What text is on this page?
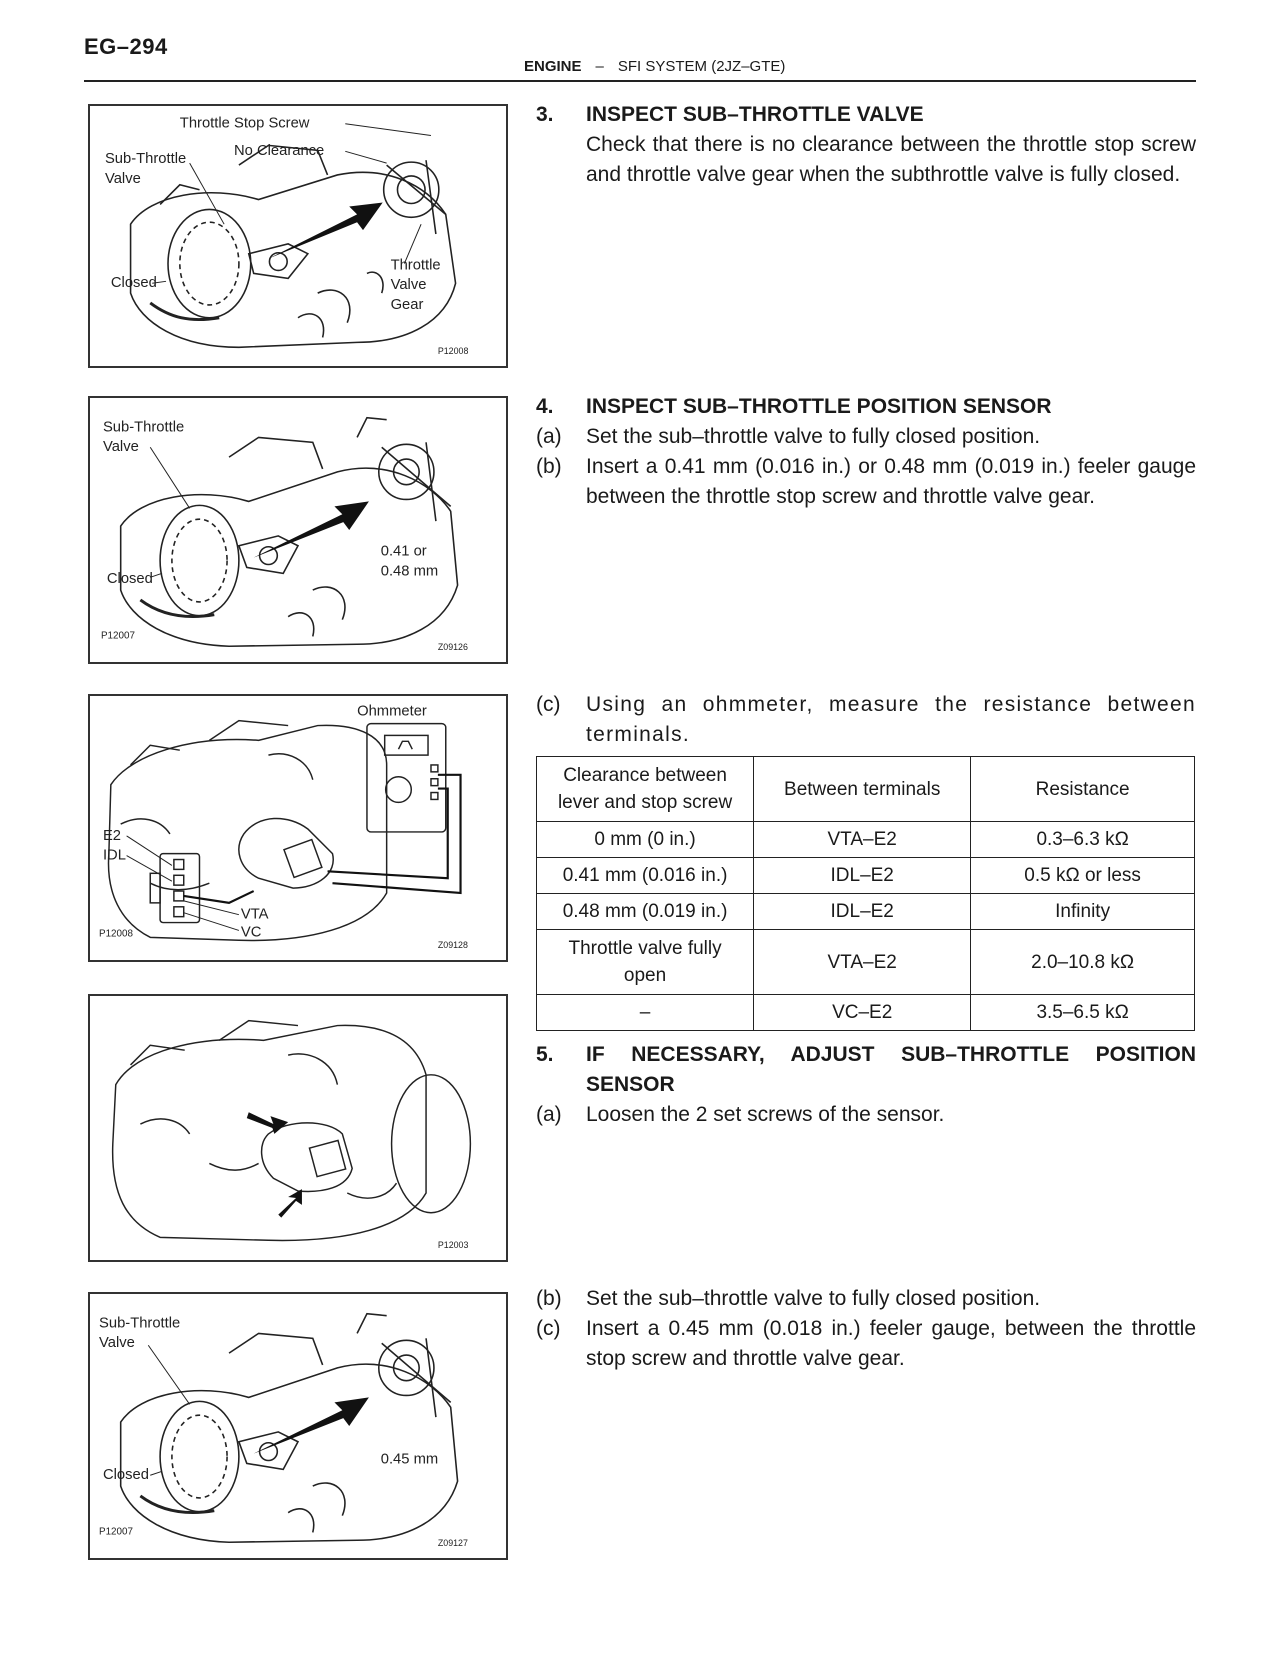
EG–294
ENGINE – SFI SYSTEM (2JZ–GTE)
Throttle Stop Screw
No Clearance
Sub-Throttle
Valve
Closed
Throttle
Valve
Gear
P12008
Sub-Throttle
Valve
Closed
0.41 or
0.48 mm
P12007
Z09126
Ohmmeter
E2
IDL
VTA
VC
P12008
Z09128
P12003
Sub-Throttle
Valve
Closed
0.45 mm
P12007
Z09127
3.	INSPECT SUB–THROTTLE VALVE
Check that there is no clearance between the throttle stop screw and throttle valve gear when the subthrottle valve is fully closed.
4.	INSPECT SUB–THROTTLE POSITION SENSOR
(a)	Set the sub–throttle valve to fully closed position.
(b)	Insert a 0.41 mm (0.016 in.) or 0.48 mm (0.019 in.) feeler gauge between the throttle stop screw and throttle valve gear.
(c)	Using an ohmmeter, measure the resistance between terminals.
Clearance between lever and stop screw	Between terminals	Resistance
0 mm (0 in.)	VTA–E2	0.3–6.3 kΩ
0.41 mm (0.016 in.)	IDL–E2	0.5 kΩ or less
0.48 mm (0.019 in.)	IDL–E2	Infinity
Throttle valve fully open	VTA–E2	2.0–10.8 kΩ
–	VC–E2	3.5–6.5 kΩ
5.	IF NECESSARY, ADJUST SUB–THROTTLE POSITION SENSOR
(a)	Loosen the 2 set screws of the sensor.
(b)	Set the sub–throttle valve to fully closed position.
(c)	Insert a 0.45 mm (0.018 in.) feeler gauge, between the throttle stop screw and throttle valve gear.
